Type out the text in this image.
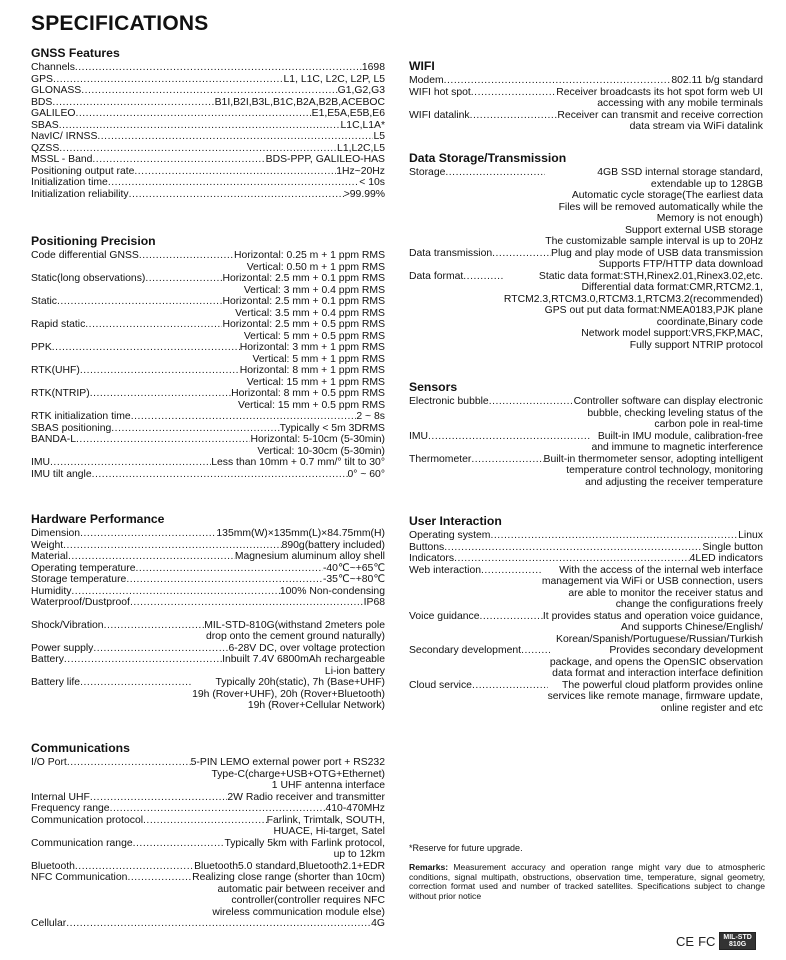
SPECIFICATIONS
GNSS Features
Channels .....	1698
GPS .....	L1, L1C, L2C, L2P, L5
GLONASS .....	G1,G2,G3
BDS .....	B1I,B2I,B3L,B1C,B2A,B2B,ACEBOC
GALILEO .....	E1,E5A,E5B,E6
SBAS .....	L1C,L1A*
NavIC/ IRNSS .....	L5
QZSS .....	L1,L2C,L5
MSSL - Band .....	BDS-PPP, GALILEO-HAS
Positioning output rate .....	1Hz~20Hz
Initialization time .....	< 10s
Initialization reliability .....	>99.99%
Positioning Precision
Code differential GNSS .....	Horizontal: 0.25 m + 1 ppm RMS
Vertical: 0.50 m + 1 ppm RMS
Static(long observations) .....	Horizontal: 2.5 mm + 0.1 ppm RMS
Vertical: 3 mm + 0.4 ppm RMS
Static .....	Horizontal: 2.5 mm + 0.1 ppm RMS
Vertical: 3.5 mm + 0.4 ppm RMS
Rapid static .....	Horizontal: 2.5 mm + 0.5 ppm RMS
Vertical: 5 mm + 0.5 ppm RMS
PPK .....	Horizontal: 3 mm + 1 ppm RMS
Vertical: 5 mm + 1 ppm RMS
RTK(UHF) .....	Horizontal: 8 mm + 1 ppm RMS
Vertical: 15 mm + 1 ppm RMS
RTK(NTRIP) .....	Horizontal: 8 mm + 0.5 ppm RMS
Vertical: 15 mm + 0.5 ppm RMS
RTK initialization time .....	2 ~ 8s
SBAS positioning .....	Typically < 5m 3DRMS
BANDA-L .....	Horizontal: 5-10cm (5-30min)
Vertical: 10-30cm (5-30min)
IMU .....	Less than 10mm + 0.7 mm/° tilt to 30°
IMU tilt angle .....	0° ~ 60°
Hardware Performance
Dimension .....	135mm(W)×135mm(L)×84.75mm(H)
Weight .....	890g(battery included)
Material .....	Magnesium aluminum alloy shell
Operating temperature .....	-40℃~+65℃
Storage temperature .....	-35℃~+80℃
Humidity .....	100% Non-condensing
Waterproof/Dustproof .....	IP68
Shock/Vibration .....	MIL-STD-810G(withstand 2meters pole
drop onto the cement ground naturally)
Power supply .....	6-28V DC, over voltage protection
Battery .....	Inbuilt 7.4V 6800mAh rechargeable
Li-ion battery
Battery life .....	Typically 20h(static), 7h (Base+UHF)
19h (Rover+UHF), 20h (Rover+Bluetooth)
19h (Rover+Cellular Network)
Communications
I/O Port .....	5-PIN LEMO external power port + RS232
Type-C(charge+USB+OTG+Ethernet)
1 UHF antenna interface
Internal UHF .....	2W Radio receiver and transmitter
Frequency range .....	410-470MHz
Communication protocol .....	Farlink, Trimtalk, SOUTH,
HUACE, Hi-target, Satel
Communication range .....	Typically 5km with Farlink protocol,
up to 12km
Bluetooth .....	Bluetooth5.0 standard,Bluetooth2.1+EDR
NFC Communication .....	Realizing close range (shorter than 10cm)
automatic pair between receiver and
controller(controller requires NFC
wireless communication module else)
Cellular .....	4G
WIFI
Modem .....	802.11 b/g standard
WIFI hot spot .....	Receiver broadcasts its hot spot form web UI
accessing with any mobile terminals
WIFI datalink .....	Receiver can transmit and receive correction
data stream via WiFi datalink
Data Storage/Transmission
Storage .....	4GB SSD internal storage standard,
extendable up to 128GB
Automatic cycle storage(The earliest data
Files will be removed automatically while the
Memory is not enough)
Support external USB storage
The customizable sample interval is up to 20Hz
Data transmission .....	Plug and play mode of USB data transmission
Supports FTP/HTTP data download
Data format .....	Static data format:STH,Rinex2.01,Rinex3.02,etc.
Differential data format:CMR,RTCM2.1,
RTCM2.3,RTCM3.0,RTCM3.1,RTCM3.2(recommended)
GPS out put data format:NMEA0183,PJK plane
coordinate,Binary code
Network model support:VRS,FKP,MAC,
Fully support NTRIP protocol
Sensors
Electronic bubble .....	Controller software can display electronic
bubble, checking leveling status of the
carbon pole in real-time
IMU .....	Built-in IMU module, calibration-free
and immune to magnetic interference
Thermometer .....	Built-in thermometer sensor, adopting intelligent
temperature control technology, monitoring
and adjusting the receiver temperature
User Interaction
Operating system .....	Linux
Buttons .....	Single button
Indicators .....	4LED indicators
Web interaction .....	With the access of the internal web interface
management via WiFi or USB connection, users
are able to monitor the receiver status and
change the configurations freely
Voice guidance .....	It provides status and operation voice guidance,
And supports Chinese/English/
Korean/Spanish/Portuguese/Russian/Turkish
Secondary development .....	Provides secondary development
package, and opens the OpenSIC observation
data format and interaction interface definition
Cloud service .....	The powerful cloud platform provides online
services like remote manage, firmware update,
online register and etc
*Reserve for future upgrade.
Remarks: Measurement accuracy and operation range might vary due to atmospheric conditions, signal multipath, obstructions, observation time, temperature, signal geometry, correction format used and number of tracked satellites. Specifications subject to change without prior notice
CE FC	MIL-STD
810G
